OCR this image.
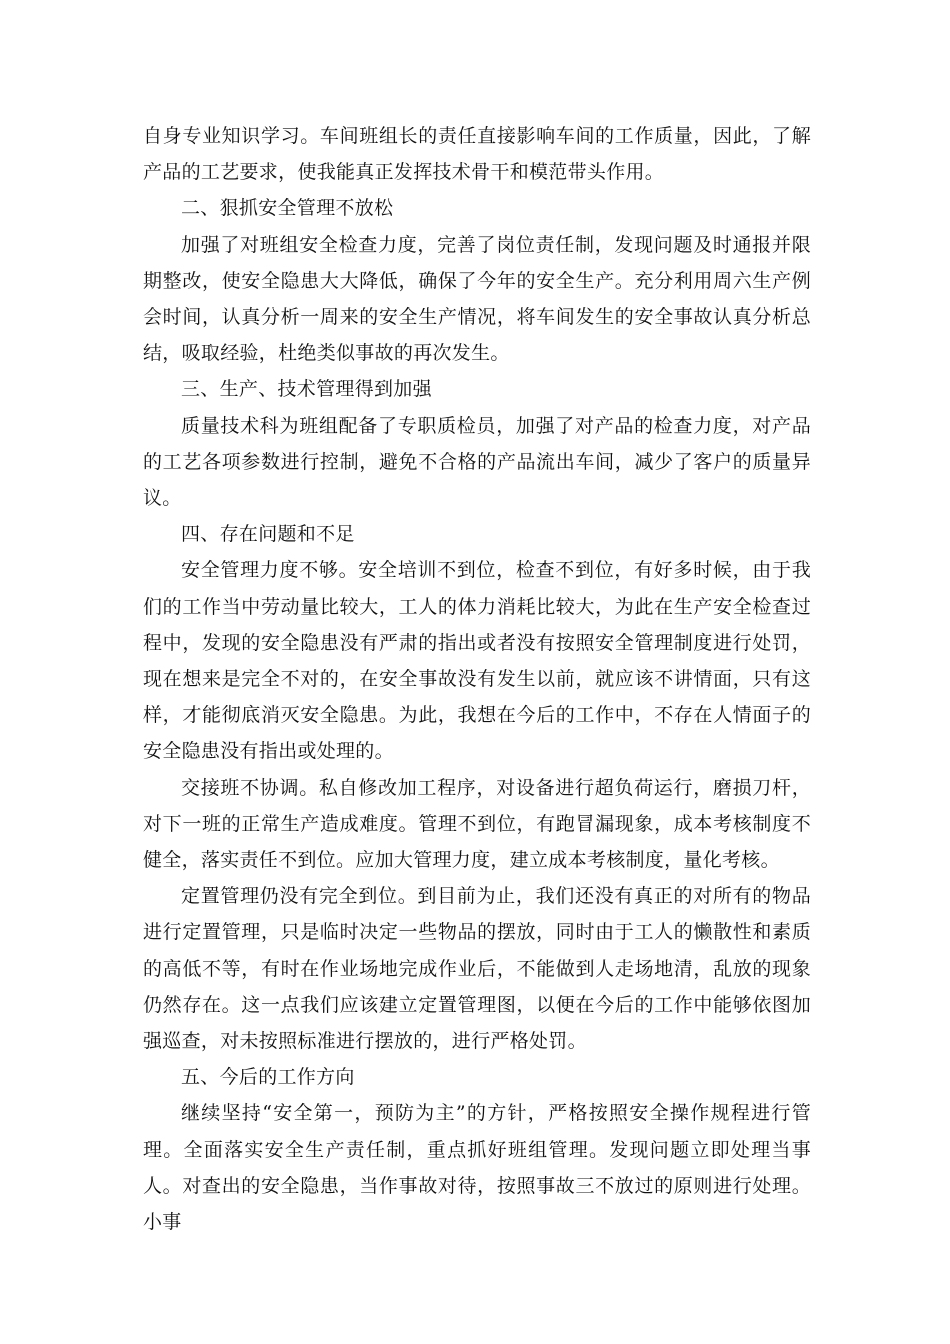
自身专业知识学习。车间班组长的责任直接影响车间的工作质量，因此，了解产品的工艺要求，使我能真正发挥技术骨干和模范带头作用。

二、狠抓安全管理不放松

加强了对班组安全检查力度，完善了岗位责任制，发现问题及时通报并限期整改，使安全隐患大大降低，确保了今年的安全生产。充分利用周六生产例会时间，认真分析一周来的安全生产情况，将车间发生的安全事故认真分析总结，吸取经验，杜绝类似事故的再次发生。

三、生产、技术管理得到加强

质量技术科为班组配备了专职质检员，加强了对产品的检查力度，对产品的工艺各项参数进行控制，避免不合格的产品流出车间，减少了客户的质量异议。

四、存在问题和不足

安全管理力度不够。安全培训不到位，检查不到位，有好多时候，由于我们的工作当中劳动量比较大，工人的体力消耗比较大，为此在生产安全检查过程中，发现的安全隐患没有严肃的指出或者没有按照安全管理制度进行处罚，现在想来是完全不对的，在安全事故没有发生以前，就应该不讲情面，只有这样，才能彻底消灭安全隐患。为此，我想在今后的工作中，不存在人情面子的安全隐患没有指出或处理的。

交接班不协调。私自修改加工程序，对设备进行超负荷运行，磨损刀杆，对下一班的正常生产造成难度。管理不到位，有跑冒漏现象，成本考核制度不健全，落实责任不到位。应加大管理力度，建立成本考核制度，量化考核。

定置管理仍没有完全到位。到目前为止，我们还没有真正的对所有的物品进行定置管理，只是临时决定一些物品的摆放，同时由于工人的懒散性和素质的高低不等，有时在作业场地完成作业后，不能做到人走场地清，乱放的现象仍然存在。这一点我们应该建立定置管理图，以便在今后的工作中能够依图加强巡查，对未按照标准进行摆放的，进行严格处罚。

五、今后的工作方向

继续坚持“安全第一，预防为主”的方针，严格按照安全操作规程进行管理。全面落实安全生产责任制，重点抓好班组管理。发现问题立即处理当事人。对查出的安全隐患，当作事故对待，按照事故三不放过的原则进行处理。小事
